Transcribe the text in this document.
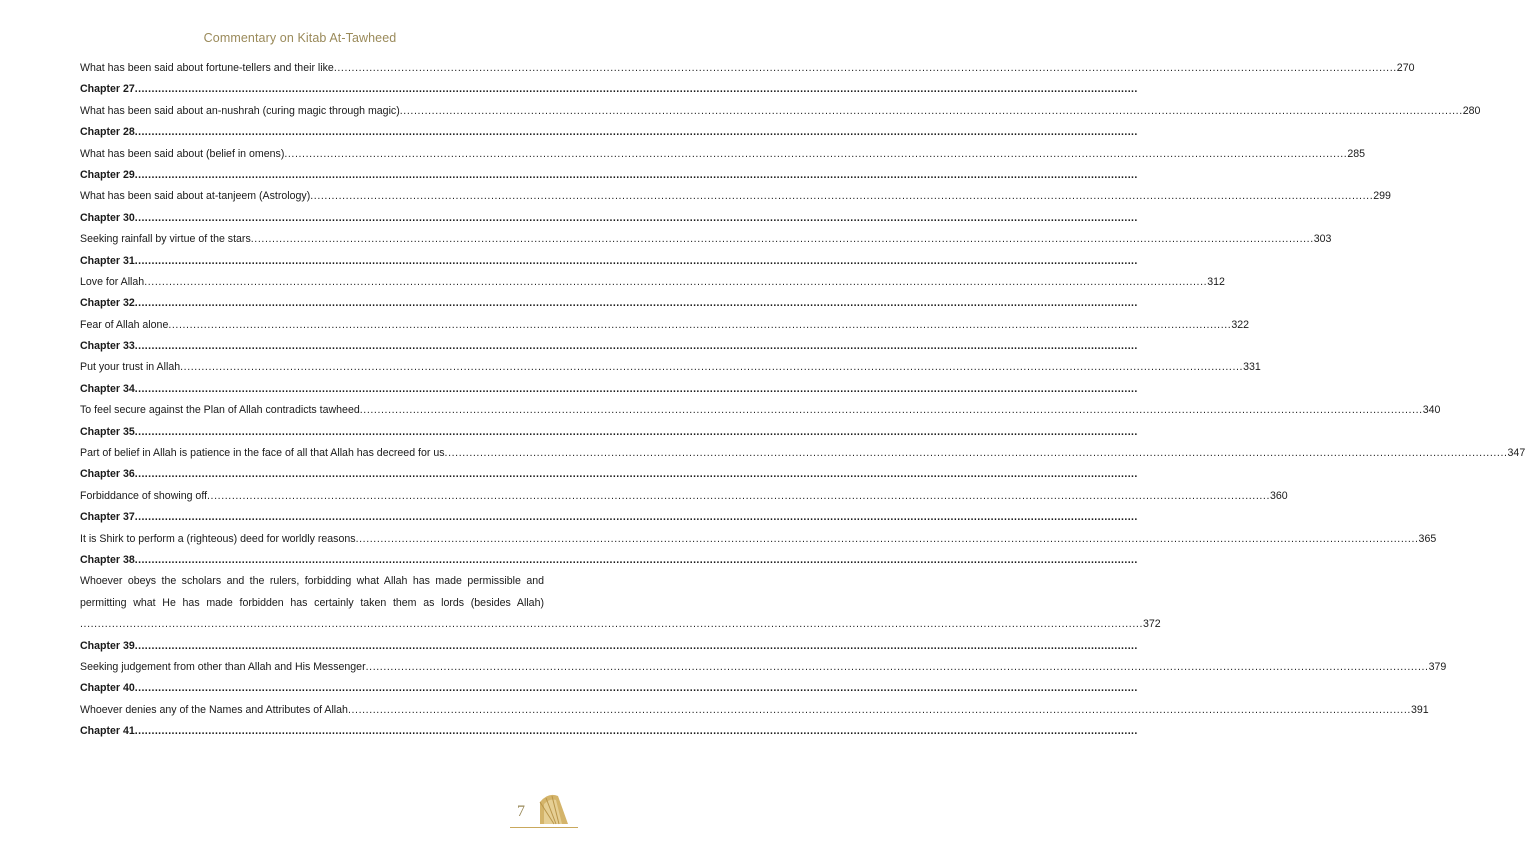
Commentary on Kitab At-Tawheed
What has been said about fortune-tellers and their like ............................................................................................................................................................................................................................................................................................................ 270
Chapter 27 ............................................................................................................................................................................................................................................................................................................
What has been said about an-nushrah (curing magic through magic) ............................................................................................................................................................................................................................................................................................................ 280
Chapter 28 ............................................................................................................................................................................................................................................................................................................
What has been said about (belief in omens) ............................................................................................................................................................................................................................................................................................................ 285
Chapter 29 ............................................................................................................................................................................................................................................................................................................
What has been said about at-tanjeem (Astrology) ............................................................................................................................................................................................................................................................................................................ 299
Chapter 30 ............................................................................................................................................................................................................................................................................................................
Seeking rainfall by virtue of the stars ............................................................................................................................................................................................................................................................................................................ 303
Chapter 31 ............................................................................................................................................................................................................................................................................................................
Love for Allah ............................................................................................................................................................................................................................................................................................................ 312
Chapter 32 ............................................................................................................................................................................................................................................................................................................
Fear of Allah alone ............................................................................................................................................................................................................................................................................................................ 322
Chapter 33 ............................................................................................................................................................................................................................................................................................................
Put your trust in Allah ............................................................................................................................................................................................................................................................................................................ 331
Chapter 34 ............................................................................................................................................................................................................................................................................................................
To feel secure against the Plan of Allah contradicts tawheed ............................................................................................................................................................................................................................................................................................................ 340
Chapter 35 ............................................................................................................................................................................................................................................................................................................
Part of belief in Allah is patience in the face of all that Allah has decreed for us ............................................................................................................................................................................................................................................................................................................ 347
Chapter 36 ............................................................................................................................................................................................................................................................................................................
Forbiddance of showing off ............................................................................................................................................................................................................................................................................................................ 360
Chapter 37 ............................................................................................................................................................................................................................................................................................................
It is Shirk to perform a (righteous) deed for worldly reasons ............................................................................................................................................................................................................................................................................................................ 365
Chapter 38 ............................................................................................................................................................................................................................................................................................................
Whoever obeys the scholars and the rulers, forbidding what Allah has made permissible and
permitting what He has made forbidden has certainly taken them as lords (besides Allah)
............................................................................................................................................................................................................................................................................................................ 372
Chapter 39 ............................................................................................................................................................................................................................................................................................................
Seeking judgement from other than Allah and His Messenger ............................................................................................................................................................................................................................................................................................................ 379
Chapter 40 ............................................................................................................................................................................................................................................................................................................
Whoever denies any of the Names and Attributes of Allah ............................................................................................................................................................................................................................................................................................................ 391
Chapter 41 ............................................................................................................................................................................................................................................................................................................
7
